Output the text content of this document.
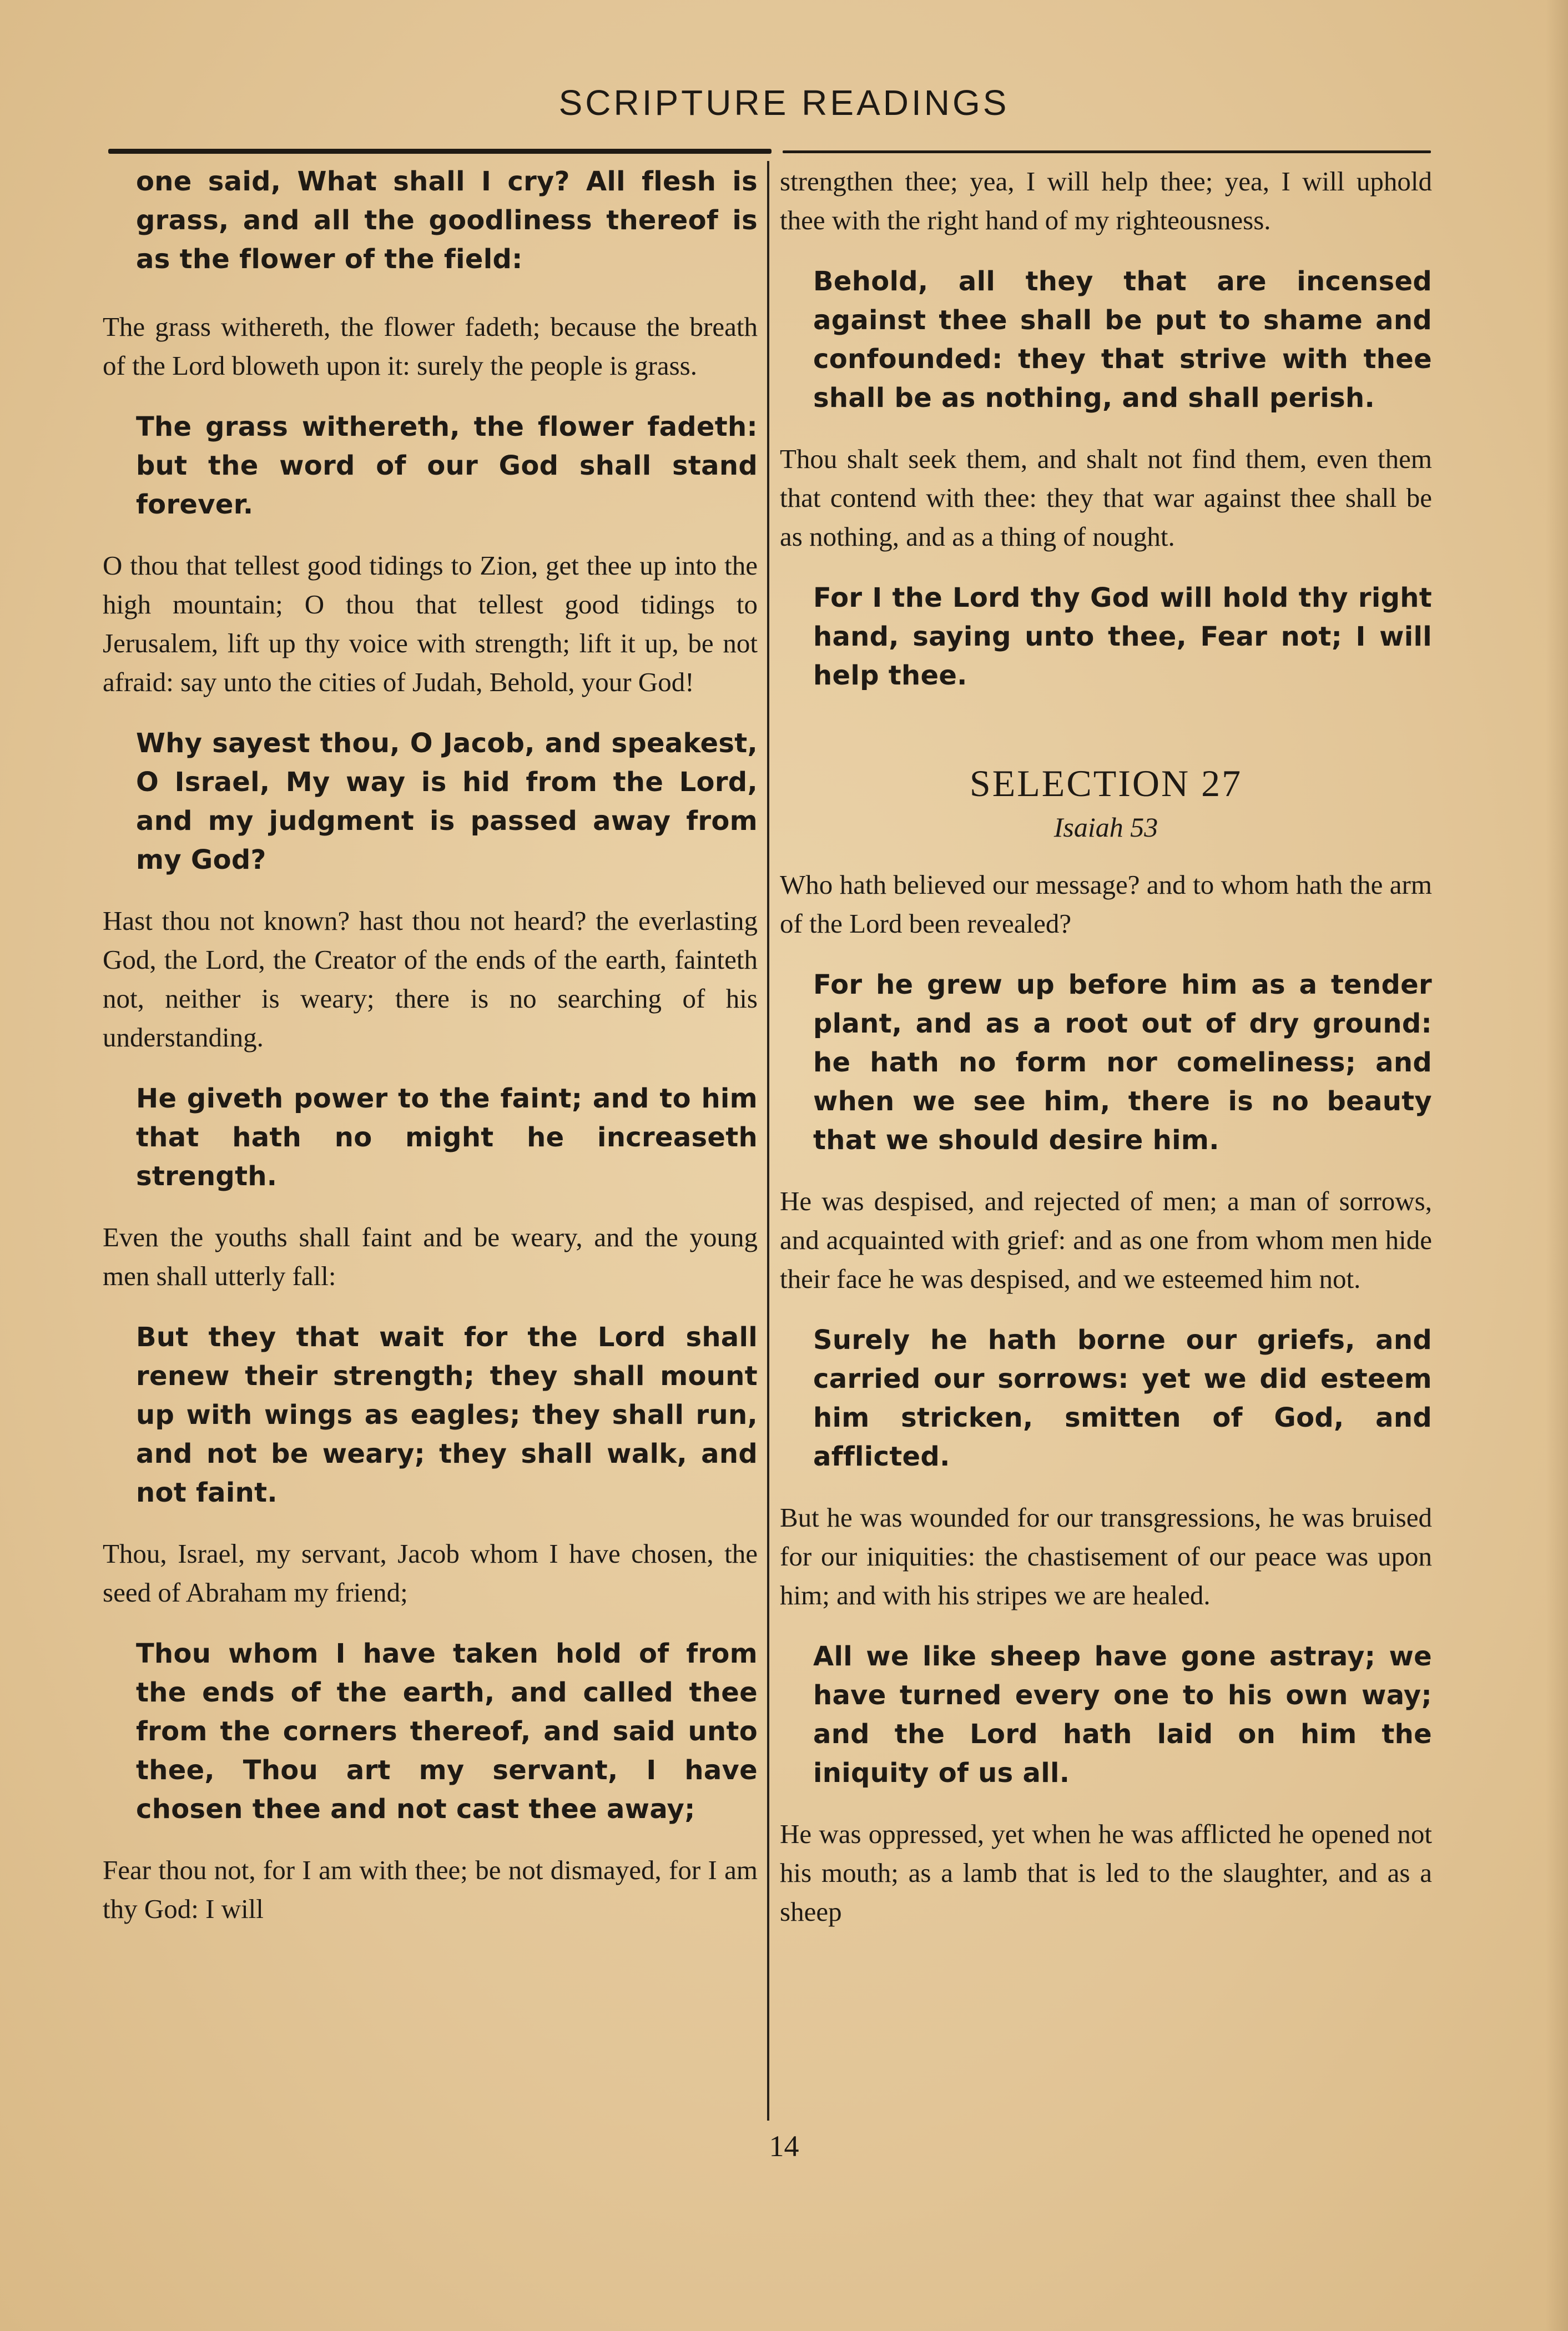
SCRIPTURE READINGS

one said, What shall I cry? All flesh is grass, and all the goodliness thereof is as the flower of the field:

The grass withereth, the flower fadeth; because the breath of the Lord bloweth upon it: surely the people is grass.

The grass withereth, the flower fadeth: but the word of our God shall stand forever.

O thou that tellest good tidings to Zion, get thee up into the high mountain; O thou that tellest good tidings to Jerusalem, lift up thy voice with strength; lift it up, be not afraid: say unto the cities of Judah, Behold, your God!

Why sayest thou, O Jacob, and speakest, O Israel, My way is hid from the Lord, and my judgment is passed away from my God?

Hast thou not known? hast thou not heard? the everlasting God, the Lord, the Creator of the ends of the earth, fainteth not, neither is weary; there is no searching of his understanding.

He giveth power to the faint; and to him that hath no might he increaseth strength.

Even the youths shall faint and be weary, and the young men shall utterly fall:

But they that wait for the Lord shall renew their strength; they shall mount up with wings as eagles; they shall run, and not be weary; they shall walk, and not faint.

Thou, Israel, my servant, Jacob whom I have chosen, the seed of Abraham my friend;

Thou whom I have taken hold of from the ends of the earth, and called thee from the corners thereof, and said unto thee, Thou art my servant, I have chosen thee and not cast thee away;

Fear thou not, for I am with thee; be not dismayed, for I am thy God: I will

strengthen thee; yea, I will help thee; yea, I will uphold thee with the right hand of my righteousness.

Behold, all they that are incensed against thee shall be put to shame and confounded: they that strive with thee shall be as nothing, and shall perish.

Thou shalt seek them, and shalt not find them, even them that contend with thee: they that war against thee shall be as nothing, and as a thing of nought.

For I the Lord thy God will hold thy right hand, saying unto thee, Fear not; I will help thee.

SELECTION 27
Isaiah 53

Who hath believed our message? and to whom hath the arm of the Lord been revealed?

For he grew up before him as a tender plant, and as a root out of dry ground: he hath no form nor comeliness; and when we see him, there is no beauty that we should desire him.

He was despised, and rejected of men; a man of sorrows, and acquainted with grief: and as one from whom men hide their face he was despised, and we esteemed him not.

Surely he hath borne our griefs, and carried our sorrows: yet we did esteem him stricken, smitten of God, and afflicted.

But he was wounded for our transgressions, he was bruised for our iniquities: the chastisement of our peace was upon him; and with his stripes we are healed.

All we like sheep have gone astray; we have turned every one to his own way; and the Lord hath laid on him the iniquity of us all.

He was oppressed, yet when he was afflicted he opened not his mouth; as a lamb that is led to the slaughter, and as a sheep

14
